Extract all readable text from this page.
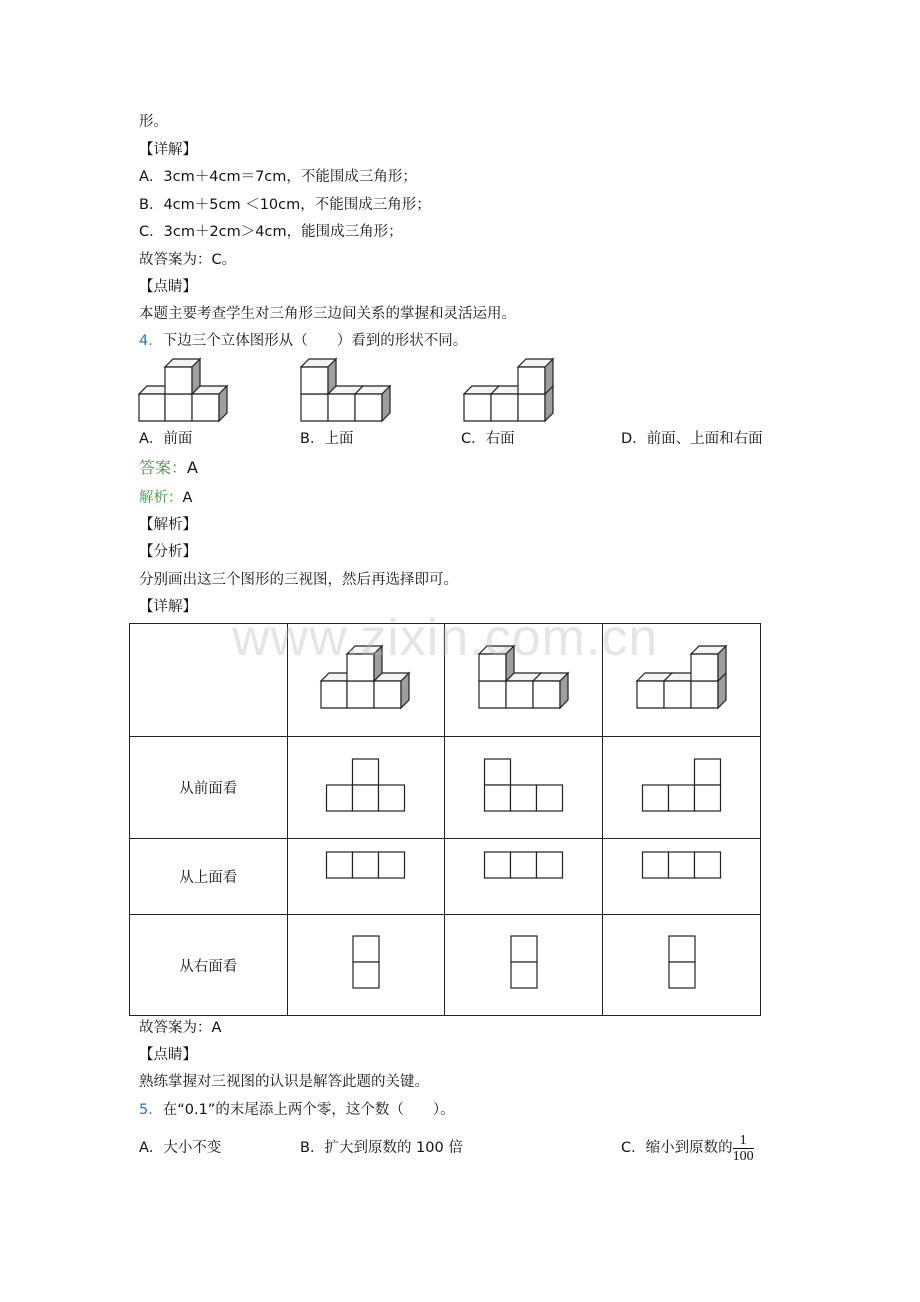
形。
【详解】
A．3cm＋4cm＝7cm，不能围成三角形；
B．4cm＋5cm ＜10cm，不能围成三角形；
C．3cm＋2cm＞4cm，能围成三角形；
故答案为：C。
【点睛】
本题主要考查学生对三角形三边间关系的掌握和灵活运用。
4．下边三个立体图形从（　　）看到的形状不同。
A．前面	B．上面	C．右面	D．前面、上面和右面
答案：A
解析：A
【解析】
【分析】
分别画出这三个图形的三视图，然后再选择即可。
【详解】

从前面看			
从上面看			
从右面看			
www.zixin.com.cn
故答案为：A
【点睛】
熟练掌握对三视图的认识是解答此题的关键。
5．在“0.1”的末尾添上两个零，这个数（　　）。
A．大小不变	B．扩大到原数的 100 倍	C．缩小到原数的 $\frac{1}{100}$
